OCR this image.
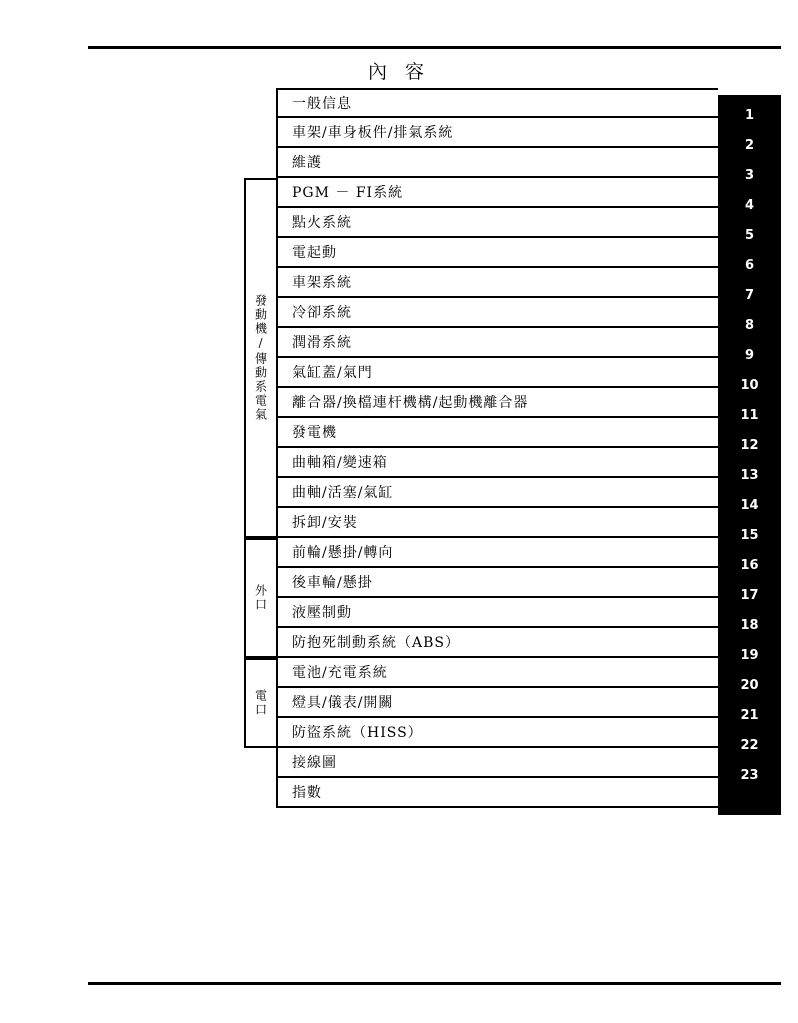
內 容
發動機/傳動系電氣
外口
電口
一般信息
1
車架/車身板件/排氣系統
2
維護
3
PGM － FI系統
4
點火系統
5
電起動
6
車架系統
7
冷卻系統
8
潤滑系統
9
氣缸蓋/氣門
10
離合器/換檔連杆機構/起動機離合器
11
發電機
12
曲軸箱/變速箱
13
曲軸/活塞/氣缸
14
拆卸/安裝
15
前輪/懸掛/轉向
16
後車輪/懸掛
17
液壓制動
18
防抱死制動系統（ABS）
19
電池/充電系統
20
燈具/儀表/開關
21
防盜系統（HISS）
22
接線圖
23
指數
